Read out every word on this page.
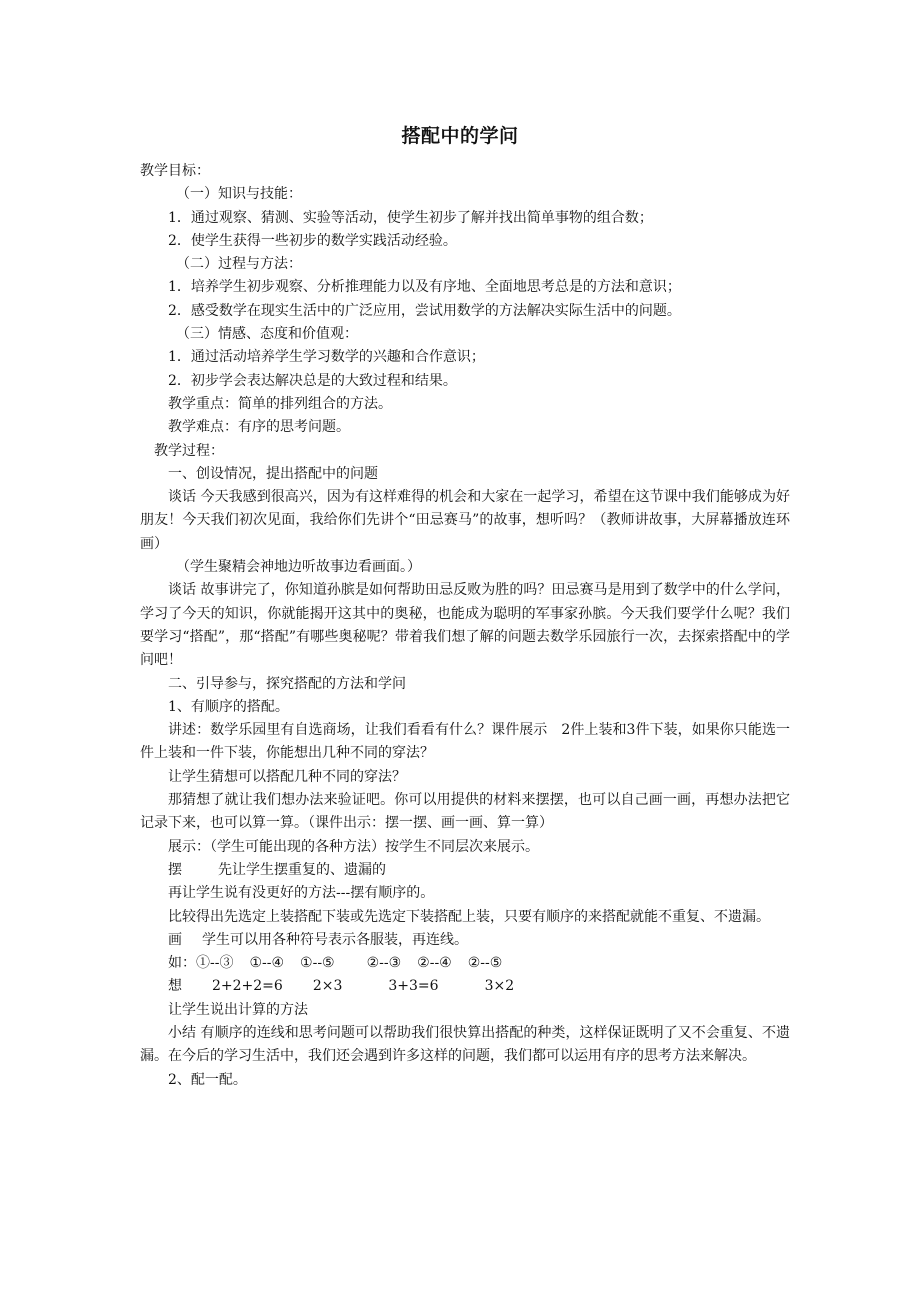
搭配中的学问

教学目标：

（一）知识与技能：

1．通过观察、猜测、实验等活动，使学生初步了解并找出简单事物的组合数；

2．使学生获得一些初步的数学实践活动经验。

（二）过程与方法：

1．培养学生初步观察、分析推理能力以及有序地、全面地思考总是的方法和意识；

2．感受数学在现实生活中的广泛应用，尝试用数学的方法解决实际生活中的问题。

（三）情感、态度和价值观：

1．通过活动培养学生学习数学的兴趣和合作意识；

2．初步学会表达解决总是的大致过程和结果。

教学重点：简单的排列组合的方法。

教学难点：有序的思考问题。

教学过程：

一、创设情况，提出搭配中的问题

谈话 今天我感到很高兴，因为有这样难得的机会和大家在一起学习，希望在这节课中我们能够成为好朋友！今天我们初次见面，我给你们先讲个“田忌赛马”的故事，想听吗？（教师讲故事，大屏幕播放连环画）

（学生聚精会神地边听故事边看画面。）

谈话 故事讲完了，你知道孙膑是如何帮助田忌反败为胜的吗？田忌赛马是用到了数学中的什么学问，学习了今天的知识，你就能揭开这其中的奥秘，也能成为聪明的军事家孙膑。今天我们要学什么呢？我们要学习“搭配”，那“搭配”有哪些奥秘呢？带着我们想了解的问题去数学乐园旅行一次，去探索搭配中的学问吧！

二、引导参与，探究搭配的方法和学问

1、有顺序的搭配。

讲述：数学乐园里有自选商场，让我们看看有什么？课件展示　2件上装和3件下装，如果你只能选一件上装和一件下装，你能想出几种不同的穿法？

让学生猜想可以搭配几种不同的穿法？

那猜想了就让我们想办法来验证吧。你可以用提供的材料来摆摆，也可以自己画一画，再想办法把它记录下来，也可以算一算。（课件出示：摆一摆、画一画、算一算）

展示：（学生可能出现的各种方法）按学生不同层次来展示。

摆	先让学生摆重复的、遗漏的

再让学生说有没更好的方法---摆有顺序的。

比较得出先选定上装搭配下装或先选定下装搭配上装，只要有顺序的来搭配就能不重复、不遗漏。

画 学生可以用各种符号表示各服装，再连线。

如：①--③ ①--④ ①--⑤ ②--③ ②--④ ②--⑤

想 2+2+2=6 2×3	3+3=6	3×2

让学生说出计算的方法

小结 有顺序的连线和思考问题可以帮助我们很快算出搭配的种类，这样保证既明了又不会重复、不遗漏。在今后的学习生活中，我们还会遇到许多这样的问题，我们都可以运用有序的思考方法来解决。

2、配一配。
